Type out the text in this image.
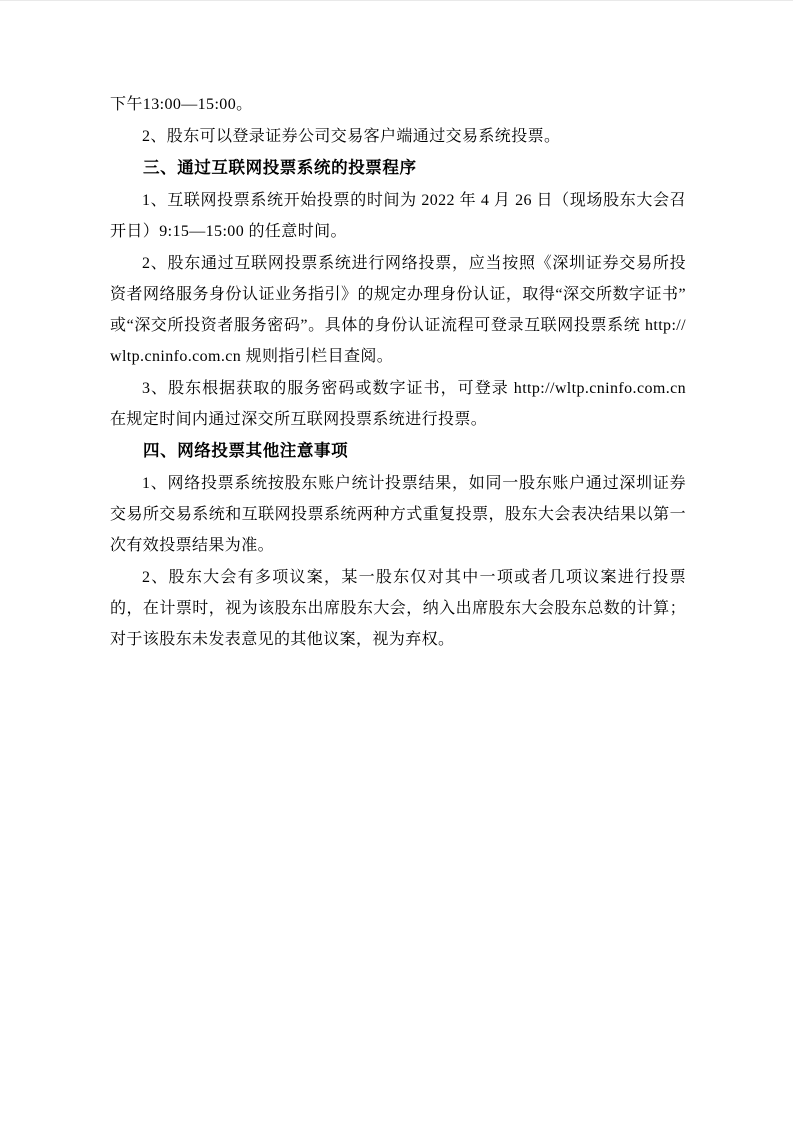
下午13:00—15:00。

2、股东可以登录证券公司交易客户端通过交易系统投票。

三、通过互联网投票系统的投票程序

1、互联网投票系统开始投票的时间为 2022 年 4 月 26 日（现场股东大会召开日）9:15—15:00 的任意时间。

2、股东通过互联网投票系统进行网络投票，应当按照《深圳证券交易所投资者网络服务身份认证业务指引》的规定办理身份认证，取得“深交所数字证书”或“深交所投资者服务密码”。具体的身份认证流程可登录互联网投票系统 http://wltp.cninfo.com.cn 规则指引栏目查阅。

3、股东根据获取的服务密码或数字证书，可登录 http://wltp.cninfo.com.cn 在规定时间内通过深交所互联网投票系统进行投票。

四、网络投票其他注意事项

1、网络投票系统按股东账户统计投票结果，如同一股东账户通过深圳证券交易所交易系统和互联网投票系统两种方式重复投票，股东大会表决结果以第一 次有效投票结果为准。

2、股东大会有多项议案，某一股东仅对其中一项或者几项议案进行投票的，在计票时，视为该股东出席股东大会，纳入出席股东大会股东总数的计算；对于该股东未发表意见的其他议案，视为弃权。
